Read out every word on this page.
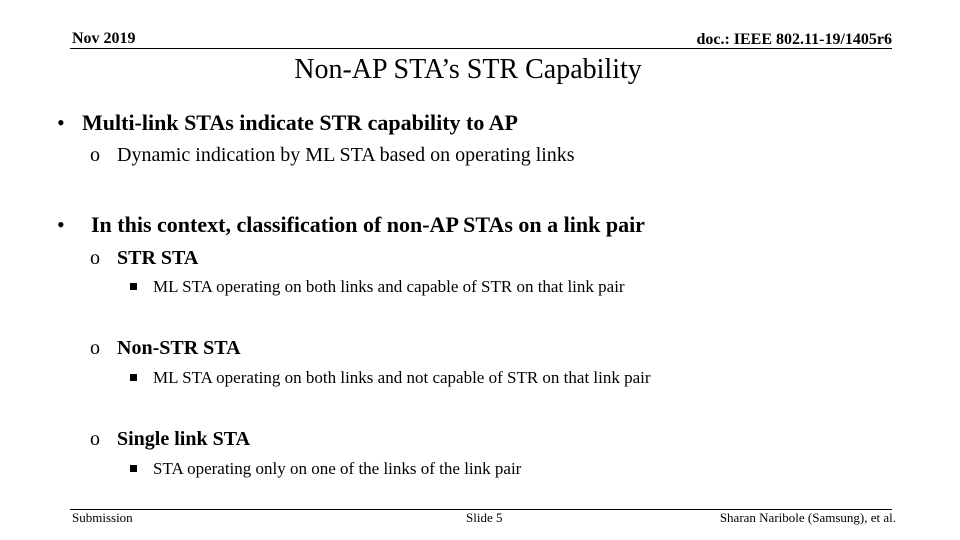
Nov 2019	doc.: IEEE 802.11-19/1405r6
Non-AP STA’s STR Capability
• Multi-link STAs indicate STR capability to AP
o Dynamic indication by ML STA based on operating links
• In this context, classification of non-AP STAs on a link pair
o STR STA
ML STA operating on both links and capable of STR on that link pair
o Non-STR STA
ML STA operating on both links and not capable of STR on that link pair
o Single link STA
STA operating only on one of the links of the link pair
Submission	Slide 5	Sharan Naribole (Samsung), et al.
